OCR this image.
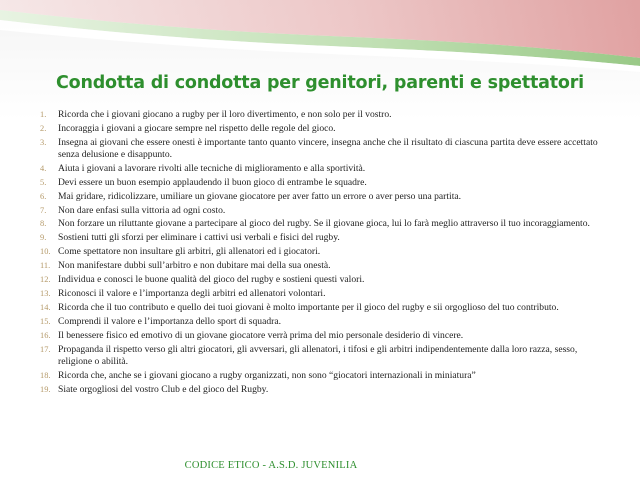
Condotta di condotta per genitori, parenti e spettatori
1.	Ricorda che i giovani giocano a rugby per il loro divertimento, e non solo per il vostro.
2.	Incoraggia i giovani a giocare sempre nel rispetto delle regole del gioco.
3.	Insegna ai giovani che essere onesti è importante tanto quanto vincere, insegna anche che il risultato di ciascuna partita deve essere accettato senza delusione e disappunto.
4.	Aiuta i giovani a lavorare rivolti alle tecniche di miglioramento e alla sportività.
5.	Devi essere un buon esempio applaudendo il buon gioco di entrambe le squadre.
6.	Mai gridare, ridicolizzare, umiliare un giovane giocatore per aver fatto un errore o aver perso una partita.
7.	Non dare enfasi sulla vittoria ad ogni costo.
8.	Non forzare un riluttante giovane a partecipare al gioco del rugby. Se il giovane gioca, lui lo farà meglio attraverso il tuo incoraggiamento.
9.	Sostieni tutti gli sforzi per eliminare i cattivi usi verbali e fisici del rugby.
10. Come spettatore non insultare gli arbitri, gli allenatori ed i giocatori.
11. Non manifestare dubbi sull’arbitro e non dubitare mai della sua onestà.
12. Individua e conosci le buone qualità del gioco del rugby e sostieni questi valori.
13. Riconosci il valore e l’importanza degli arbitri ed allenatori volontari.
14. Ricorda che il tuo contributo e quello dei tuoi giovani è molto importante per il gioco del rugby e sii orgoglioso del tuo contributo.
15. Comprendi il valore e l’importanza dello sport di squadra.
16. Il benessere fisico ed emotivo di un giovane giocatore verrà prima del mio personale desiderio di vincere.
17. Propaganda il rispetto verso gli altri giocatori, gli avversari, gli allenatori, i tifosi e gli arbitri indipendentemente dalla loro razza, sesso, religione o abilità.
18. Ricorda che, anche se i giovani giocano a rugby organizzati, non sono “giocatori internazionali in miniatura”
19. Siate orgogliosi del vostro Club e del gioco del Rugby.
CODICE ETICO - A.S.D. JUVENILIA
